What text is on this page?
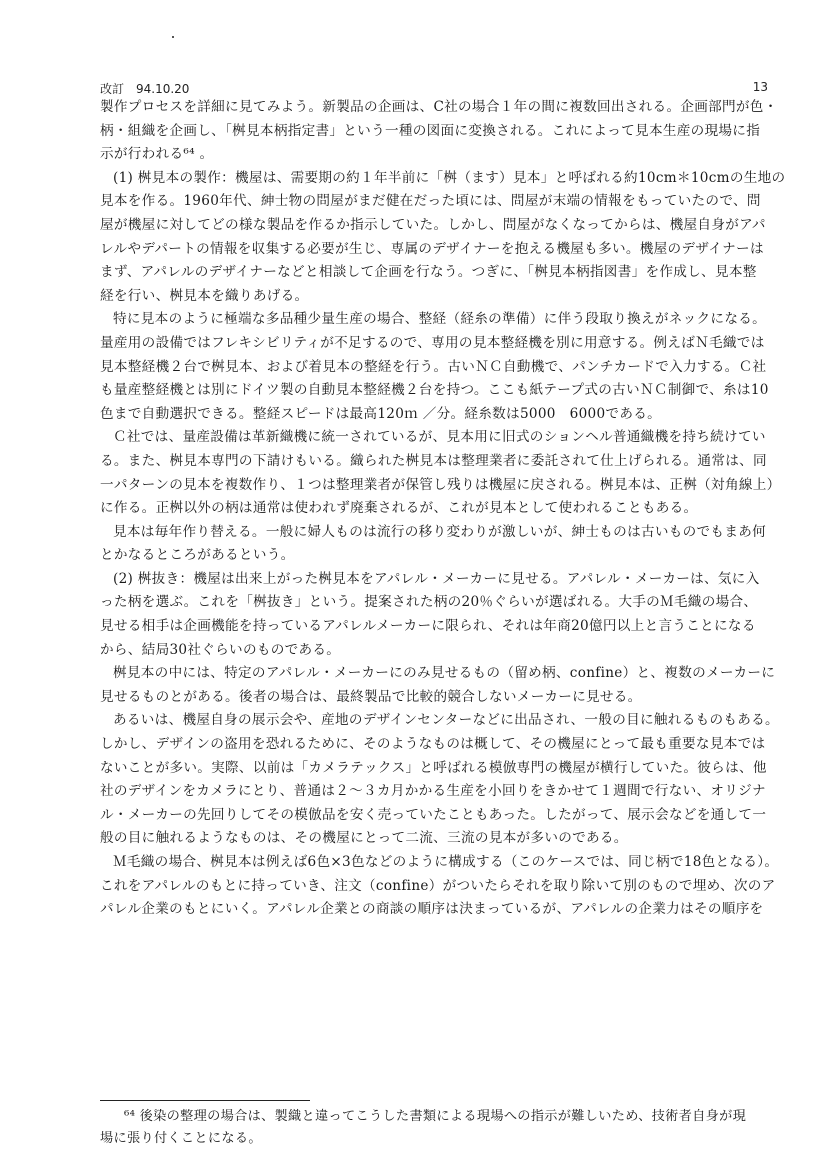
改訂　94.10.20	13
製作プロセスを詳細に見てみよう。新製品の企画は、C社の場合１年の間に複数回出される。企画部門が色・
柄・組織を企画し、「桝見本柄指定書」という一種の図面に変換される。これによって見本生産の現場に指
示が行われる⁶⁴ 。
(1) 桝見本の製作：機屋は、需要期の約１年半前に「桝（ます）見本」と呼ばれる約10cm＊10cmの生地の
見本を作る。1960年代、紳士物の問屋がまだ健在だった頃には、問屋が末端の情報をもっていたので、問
屋が機屋に対してどの様な製品を作るか指示していた。しかし、問屋がなくなってからは、機屋自身がアパ
レルやデパートの情報を収集する必要が生じ、専属のデザイナーを抱える機屋も多い。機屋のデザイナーは
まず、アパレルのデザイナーなどと相談して企画を行なう。つぎに、「桝見本柄指図書」を作成し、見本整
経を行い、桝見本を織りあげる。
特に見本のように極端な多品種少量生産の場合、整経（経糸の準備）に伴う段取り換えがネックになる。
量産用の設備ではフレキシビリティが不足するので、専用の見本整経機を別に用意する。例えばＮ毛織では
見本整経機２台で桝見本、および着見本の整経を行う。古いＮＣ自動機で、パンチカードで入力する。Ｃ社
も量産整経機とは別にドイツ製の自動見本整経機２台を持つ。ここも紙テープ式の古いＮＣ制御で、糸は10
色まで自動選択できる。整経スピードは最高120ｍ ／分。経糸数は5000　6000である。
Ｃ社では、量産設備は革新織機に統一されているが、見本用に旧式のションヘル普通織機を持ち続けてい
る。また、桝見本専門の下請けもいる。織られた桝見本は整理業者に委託されて仕上げられる。通常は、同
一パターンの見本を複数作り、１つは整理業者が保管し残りは機屋に戻される。桝見本は、正桝（対角線上）
に作る。正桝以外の柄は通常は使われず廃棄されるが、これが見本として使われることもある。
見本は毎年作り替える。一般に婦人ものは流行の移り変わりが激しいが、紳士ものは古いものでもまあ何
とかなるところがあるという。
(2) 桝抜き：機屋は出来上がった桝見本をアパレル・メーカーに見せる。アパレル・メーカーは、気に入
った柄を選ぶ。これを「桝抜き」という。提案された柄の20％ぐらいが選ばれる。大手のＭ毛織の場合、
見せる相手は企画機能を持っているアパレルメーカーに限られ、それは年商20億円以上と言うことになる
から、結局30社ぐらいのものである。
桝見本の中には、特定のアパレル・メーカーにのみ見せるもの（留め柄、confine）と、複数のメーカーに
見せるものとがある。後者の場合は、最終製品で比較的競合しないメーカーに見せる。
あるいは、機屋自身の展示会や、産地のデザインセンターなどに出品され、一般の目に触れるものもある。
しかし、デザインの盗用を恐れるために、そのようなものは概して、その機屋にとって最も重要な見本では
ないことが多い。実際、以前は「カメラテックス」と呼ばれる模倣専門の機屋が横行していた。彼らは、他
社のデザインをカメラにとり、普通は２～３カ月かかる生産を小回りをきかせて１週間で行ない、オリジナ
ル・メーカーの先回りしてその模倣品を安く売っていたこともあった。したがって、展示会などを通して一
般の目に触れるようなものは、その機屋にとって二流、三流の見本が多いのである。
Ｍ毛織の場合、桝見本は例えば6色×3色などのように構成する（このケースでは、同じ柄で18色となる）。
これをアパレルのもとに持っていき、注文（confine）がついたらそれを取り除いて別のもので埋め、次のア
パレル企業のもとにいく。アパレル企業との商談の順序は決まっているが、アパレルの企業力はその順序を
⁶⁴ 後染の整理の場合は、製織と違ってこうした書類による現場への指示が難しいため、技術者自身が現
場に張り付くことになる。
